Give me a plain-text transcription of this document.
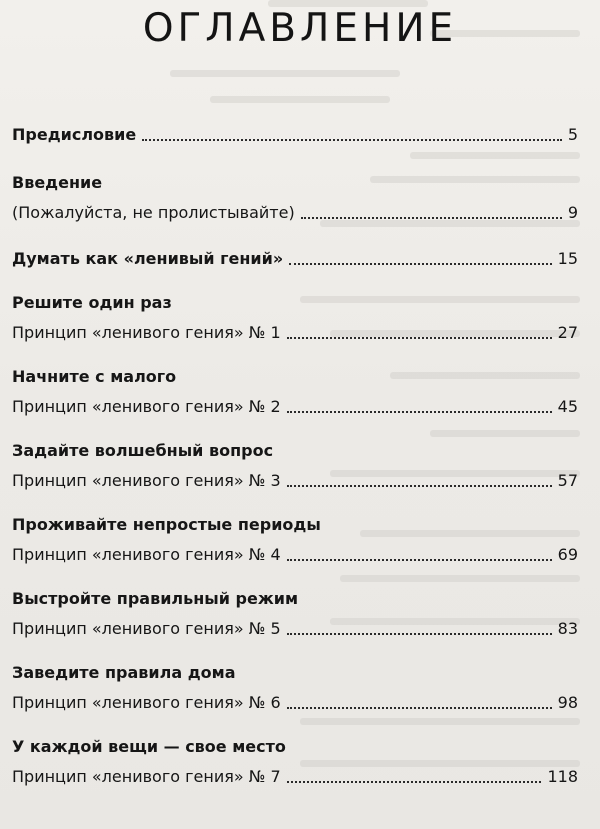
ОГЛАВЛЕНИЕ
Предисловие	5
Введение
(Пожалуйста, не пролистывайте)	9
Думать как «ленивый гений»	15
Решите один раз
Принцип «ленивого гения» № 1	27
Начните с малого
Принцип «ленивого гения» № 2	45
Задайте волшебный вопрос
Принцип «ленивого гения» № 3	57
Проживайте непростые периоды
Принцип «ленивого гения» № 4	69
Выстройте правильный режим
Принцип «ленивого гения» № 5	83
Заведите правила дома
Принцип «ленивого гения» № 6	98
У каждой вещи — свое место
Принцип «ленивого гения» № 7	118
